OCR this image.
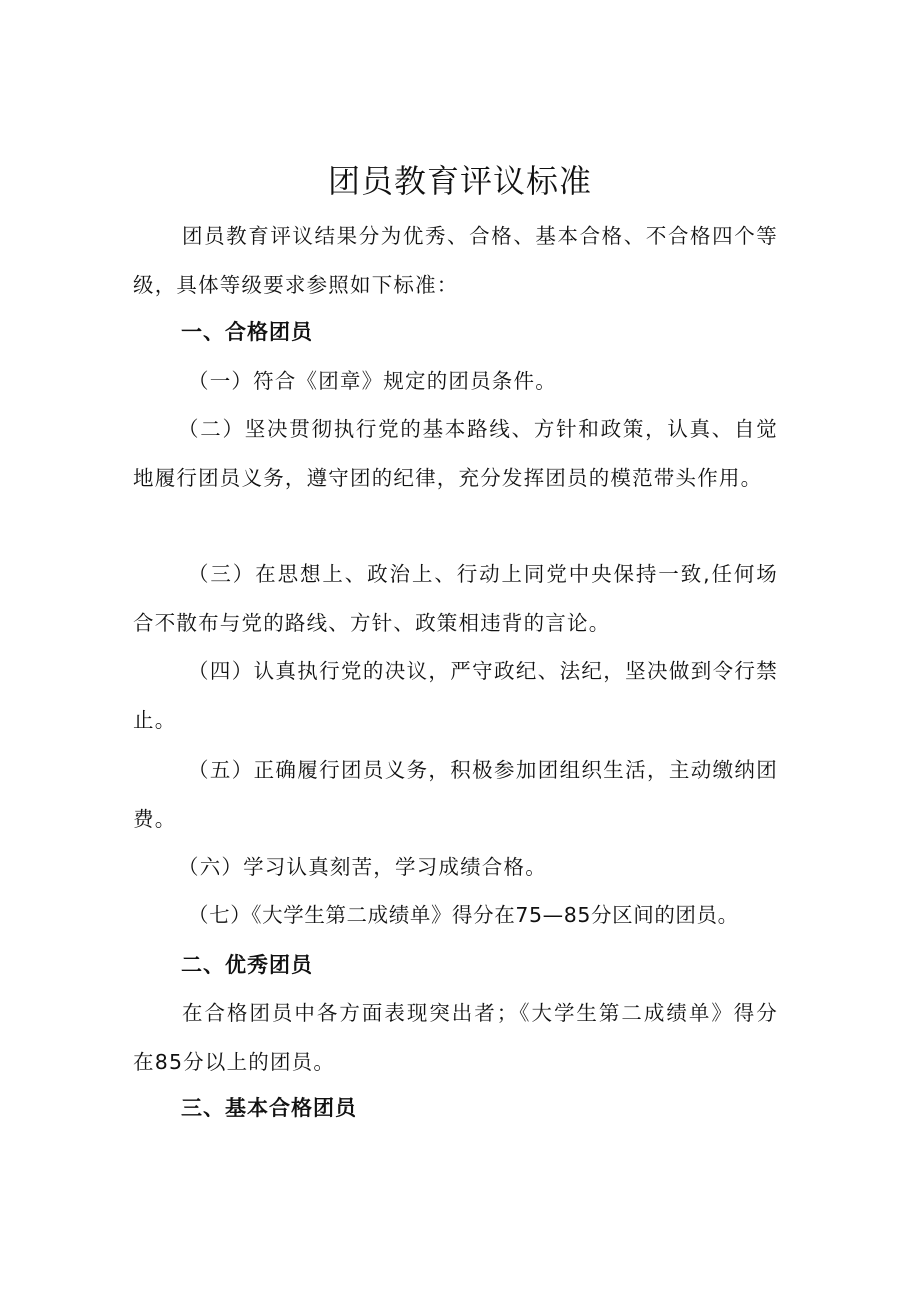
团员教育评议标准

团员教育评议结果分为优秀、合格、基本合格、不合格四个等级，具体等级要求参照如下标准：

一、合格团员

（一）符合《团章》规定的团员条件。

（二）坚决贯彻执行党的基本路线、方针和政策，认真、自觉地履行团员义务，遵守团的纪律，充分发挥团员的模范带头作用。

（三）在思想上、政治上、行动上同党中央保持一致,任何场合不散布与党的路线、方针、政策相违背的言论。

（四）认真执行党的决议，严守政纪、法纪，坚决做到令行禁止。

（五）正确履行团员义务，积极参加团组织生活，主动缴纳团费。

（六）学习认真刻苦，学习成绩合格。

（七）《大学生第二成绩单》得分在75—85分区间的团员。

二、优秀团员

在合格团员中各方面表现突出者；《大学生第二成绩单》得分在85分以上的团员。

三、基本合格团员
